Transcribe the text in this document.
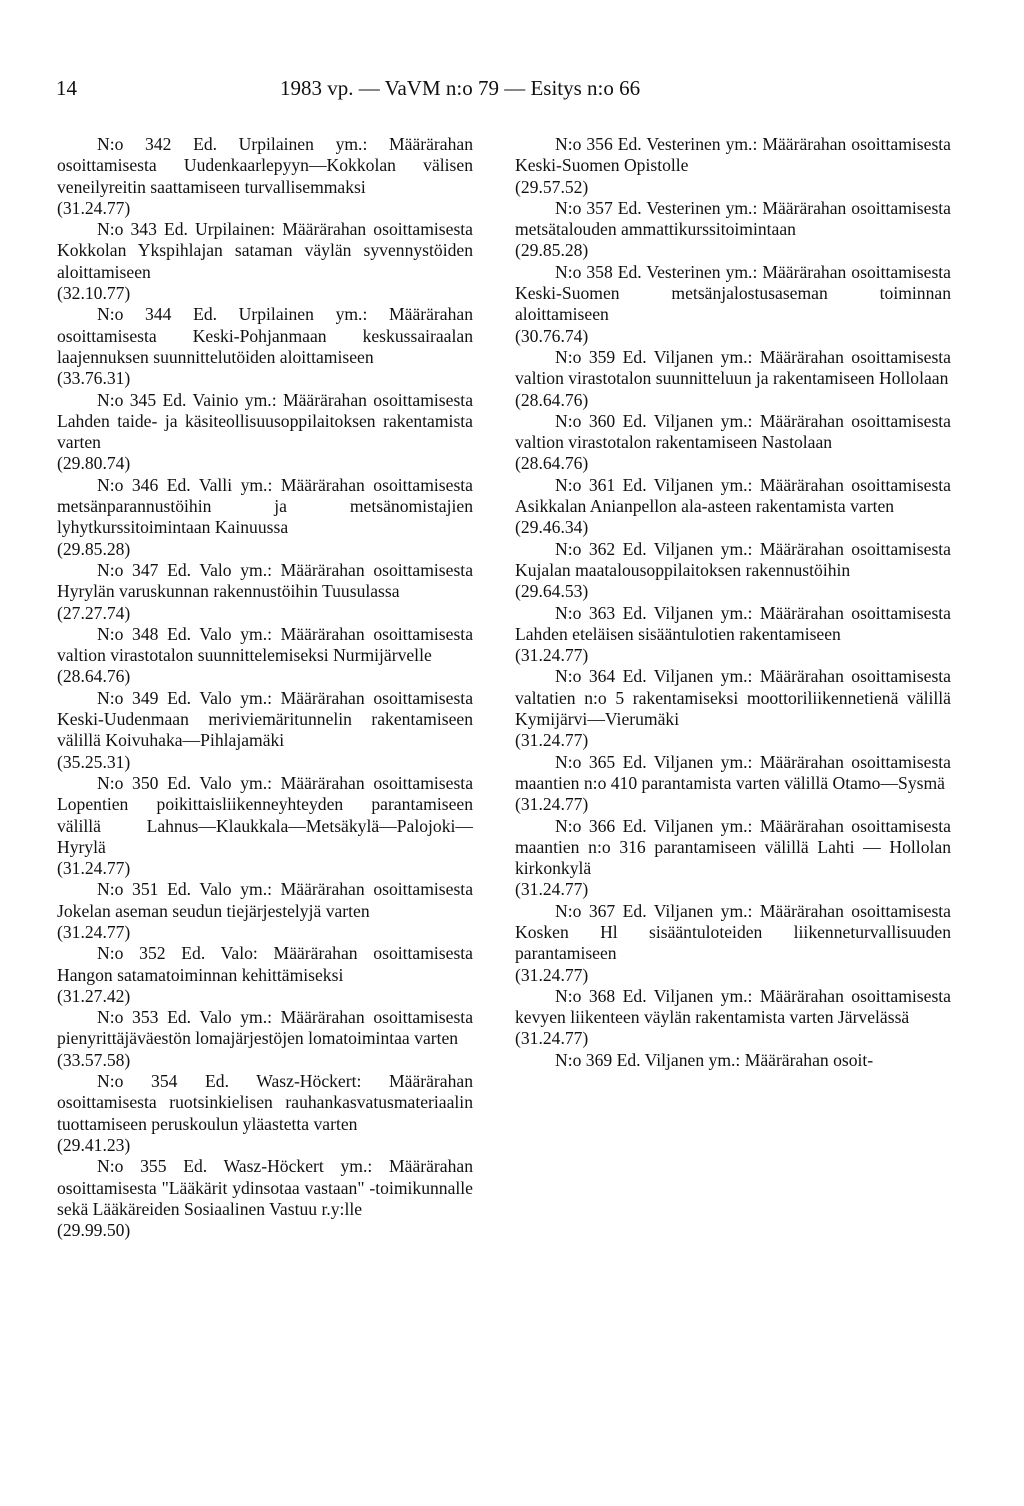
14	1983 vp. — VaVM n:o 79 — Esitys n:o 66

N:o 342 Ed. Urpilainen ym.: Määrärahan osoittamisesta Uudenkaarlepyyn—Kokkolan välisen veneilyreitin saattamiseen turvallisemmaksi

(31.24.77)

N:o 343 Ed. Urpilainen: Määrärahan osoittamisesta Kokkolan Ykspihlajan sataman väylän syvennystöiden aloittamiseen

(32.10.77)

N:o 344 Ed. Urpilainen ym.: Määrärahan osoittamisesta Keski-Pohjanmaan keskussairaalan laajennuksen suunnittelutöiden aloittamiseen

(33.76.31)

N:o 345 Ed. Vainio ym.: Määrärahan osoittamisesta Lahden taide- ja käsiteollisuusoppilaitoksen rakentamista varten

(29.80.74)

N:o 346 Ed. Valli ym.: Määrärahan osoittamisesta metsänparannustöihin ja metsänomistajien lyhytkurssitoimintaan Kainuussa

(29.85.28)

N:o 347 Ed. Valo ym.: Määrärahan osoittamisesta Hyrylän varuskunnan rakennustöihin Tuusulassa

(27.27.74)

N:o 348 Ed. Valo ym.: Määrärahan osoittamisesta valtion virastotalon suunnittelemiseksi Nurmijärvelle

(28.64.76)

N:o 349 Ed. Valo ym.: Määrärahan osoittamisesta Keski-Uudenmaan meriviemäritunnelin rakentamiseen välillä Koivuhaka—Pihlajamäki

(35.25.31)

N:o 350 Ed. Valo ym.: Määrärahan osoittamisesta Lopentien poikittaisliikenneyhteyden parantamiseen välillä Lahnus—Klaukkala—Metsäkylä—Palojoki—Hyrylä

(31.24.77)

N:o 351 Ed. Valo ym.: Määrärahan osoittamisesta Jokelan aseman seudun tiejärjestelyjä varten

(31.24.77)

N:o 352 Ed. Valo: Määrärahan osoittamisesta Hangon satamatoiminnan kehittämiseksi

(31.27.42)

N:o 353 Ed. Valo ym.: Määrärahan osoittamisesta pienyrittäjäväestön lomajärjestöjen lomatoimintaa varten

(33.57.58)

N:o 354 Ed. Wasz-Höckert: Määrärahan osoittamisesta ruotsinkielisen rauhankasvatusmateriaalin tuottamiseen peruskoulun yläastetta varten

(29.41.23)

N:o 355 Ed. Wasz-Höckert ym.: Määrärahan osoittamisesta "Lääkärit ydinsotaa vastaan" -toimikunnalle sekä Lääkäreiden Sosiaalinen Vastuu r.y:lle

(29.99.50)

N:o 356 Ed. Vesterinen ym.: Määrärahan osoittamisesta Keski-Suomen Opistolle

(29.57.52)

N:o 357 Ed. Vesterinen ym.: Määrärahan osoittamisesta metsätalouden ammattikurssitoimintaan

(29.85.28)

N:o 358 Ed. Vesterinen ym.: Määrärahan osoittamisesta Keski-Suomen metsänjalostusaseman toiminnan aloittamiseen

(30.76.74)

N:o 359 Ed. Viljanen ym.: Määrärahan osoittamisesta valtion virastotalon suunnitteluun ja rakentamiseen Hollolaan

(28.64.76)

N:o 360 Ed. Viljanen ym.: Määrärahan osoittamisesta valtion virastotalon rakentamiseen Nastolaan

(28.64.76)

N:o 361 Ed. Viljanen ym.: Määrärahan osoittamisesta Asikkalan Anianpellon ala-asteen rakentamista varten

(29.46.34)

N:o 362 Ed. Viljanen ym.: Määrärahan osoittamisesta Kujalan maatalousoppilaitoksen rakennustöihin

(29.64.53)

N:o 363 Ed. Viljanen ym.: Määrärahan osoittamisesta Lahden eteläisen sisääntulotien rakentamiseen

(31.24.77)

N:o 364 Ed. Viljanen ym.: Määrärahan osoittamisesta valtatien n:o 5 rakentamiseksi moottoriliikennetienä välillä Kymijärvi—Vierumäki

(31.24.77)

N:o 365 Ed. Viljanen ym.: Määrärahan osoittamisesta maantien n:o 410 parantamista varten välillä Otamo—Sysmä

(31.24.77)

N:o 366 Ed. Viljanen ym.: Määrärahan osoittamisesta maantien n:o 316 parantamiseen välillä Lahti — Hollolan kirkonkylä

(31.24.77)

N:o 367 Ed. Viljanen ym.: Määrärahan osoittamisesta Kosken Hl sisääntuloteiden liikenneturvallisuuden parantamiseen

(31.24.77)

N:o 368 Ed. Viljanen ym.: Määrärahan osoittamisesta kevyen liikenteen väylän rakentamista varten Järvelässä

(31.24.77)

N:o 369 Ed. Viljanen ym.: Määrärahan osoit-
